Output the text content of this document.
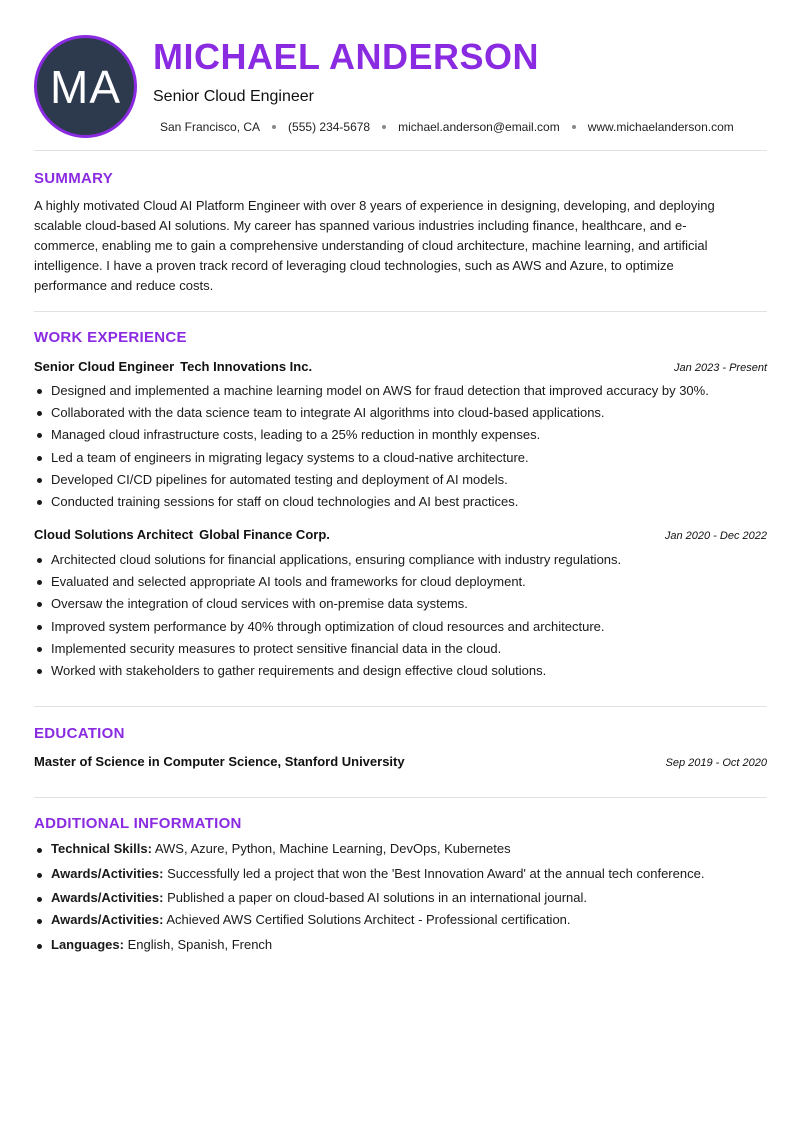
MA
MICHAEL ANDERSON
Senior Cloud Engineer
San Francisco, CA (555) 234-5678 michael.anderson@email.com www.michaelanderson.com
SUMMARY

A highly motivated Cloud AI Platform Engineer with over 8 years of experience in designing, developing, and deploying scalable cloud-based AI solutions. My career has spanned various industries including finance, healthcare, and e-commerce, enabling me to gain a comprehensive understanding of cloud architecture, machine learning, and artificial intelligence. I have a proven track record of leveraging cloud technologies, such as AWS and Azure, to optimize performance and reduce costs.

WORK EXPERIENCE
Senior Cloud Engineer Tech Innovations Inc.	Jan 2023 - Present
Designed and implemented a machine learning model on AWS for fraud detection that improved accuracy by 30%.
Collaborated with the data science team to integrate AI algorithms into cloud-based applications.
Managed cloud infrastructure costs, leading to a 25% reduction in monthly expenses.
Led a team of engineers in migrating legacy systems to a cloud-native architecture.
Developed CI/CD pipelines for automated testing and deployment of AI models.
Conducted training sessions for staff on cloud technologies and AI best practices.
Cloud Solutions Architect Global Finance Corp.	Jan 2020 - Dec 2022
Architected cloud solutions for financial applications, ensuring compliance with industry regulations.
Evaluated and selected appropriate AI tools and frameworks for cloud deployment.
Oversaw the integration of cloud services with on-premise data systems.
Improved system performance by 40% through optimization of cloud resources and architecture.
Implemented security measures to protect sensitive financial data in the cloud.
Worked with stakeholders to gather requirements and design effective cloud solutions.
EDUCATION
Master of Science in Computer Science, Stanford University	Sep 2019 - Oct 2020
ADDITIONAL INFORMATION
Technical Skills: AWS, Azure, Python, Machine Learning, DevOps, Kubernetes
Awards/Activities: Successfully led a project that won the 'Best Innovation Award' at the annual tech conference.
Awards/Activities: Published a paper on cloud-based AI solutions in an international journal.
Awards/Activities: Achieved AWS Certified Solutions Architect - Professional certification.
Languages: English , Spanish , French
